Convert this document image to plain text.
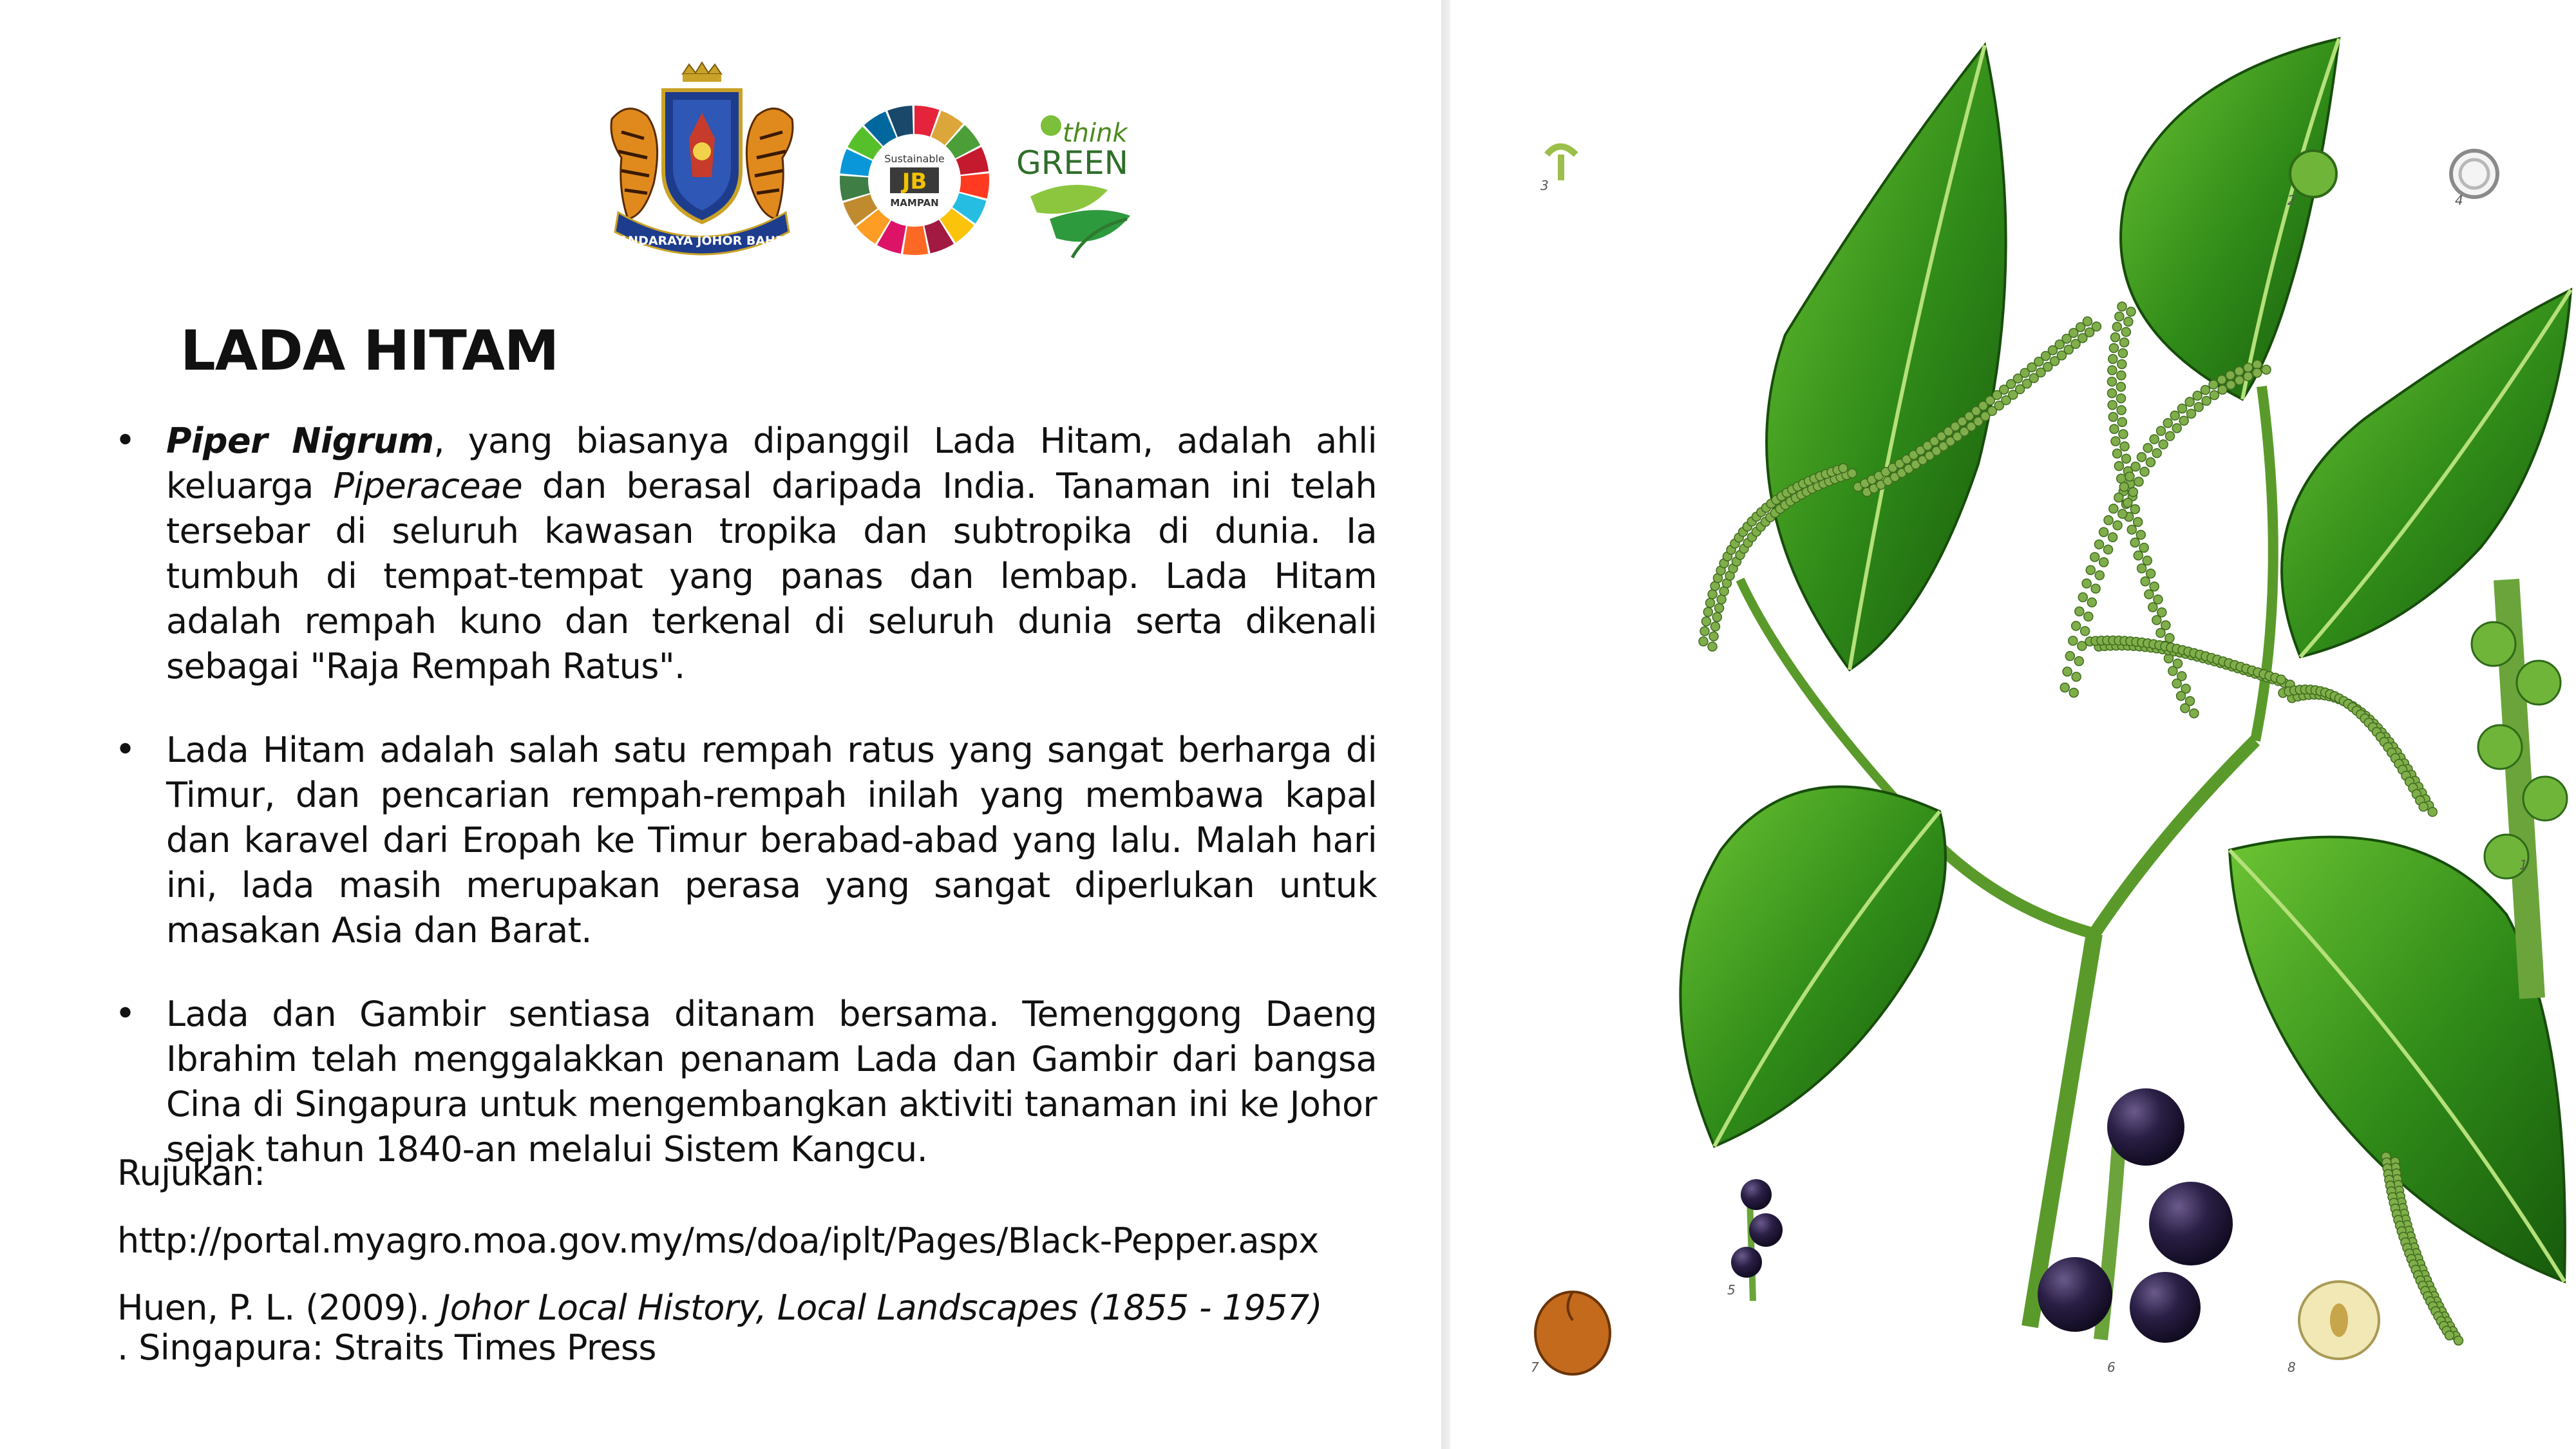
BANDARAYA JOHOR BAHRU
Sustainable
JB
MAMPAN
think
GREEN
LADA HITAM
• Piper Nigrum, yang biasanya dipanggil Lada Hitam, adalah ahli keluarga Piperaceae dan berasal daripada India. Tanaman ini telah tersebar di seluruh kawasan tropika dan subtropika di dunia. Ia tumbuh di tempat-tempat yang panas dan lembap. Lada Hitam adalah rempah kuno dan terkenal di seluruh dunia serta dikenali sebagai "Raja Rempah Ratus".

• Lada Hitam adalah salah satu rempah ratus yang sangat berharga di Timur, dan pencarian rempah-rempah inilah yang membawa kapal dan karavel dari Eropah ke Timur berabad-abad yang lalu. Malah hari ini, lada masih merupakan perasa yang sangat diperlukan untuk masakan Asia dan Barat.

• Lada dan Gambir sentiasa ditanam bersama. Temenggong Daeng Ibrahim telah menggalakkan penanam Lada dan Gambir dari bangsa Cina di Singapura untuk mengembangkan aktiviti tanaman ini ke Johor sejak tahun 1840-an melalui Sistem Kangcu.

Rujukan:
http://portal.myagro.moa.gov.my/ms/doa/iplt/Pages/Black-Pepper.aspx
Huen, P. L. (2009). Johor Local History, Local Landscapes (1855 - 1957) . Singapura: Straits Times Press
1
2
3
4
5
6
7	8
